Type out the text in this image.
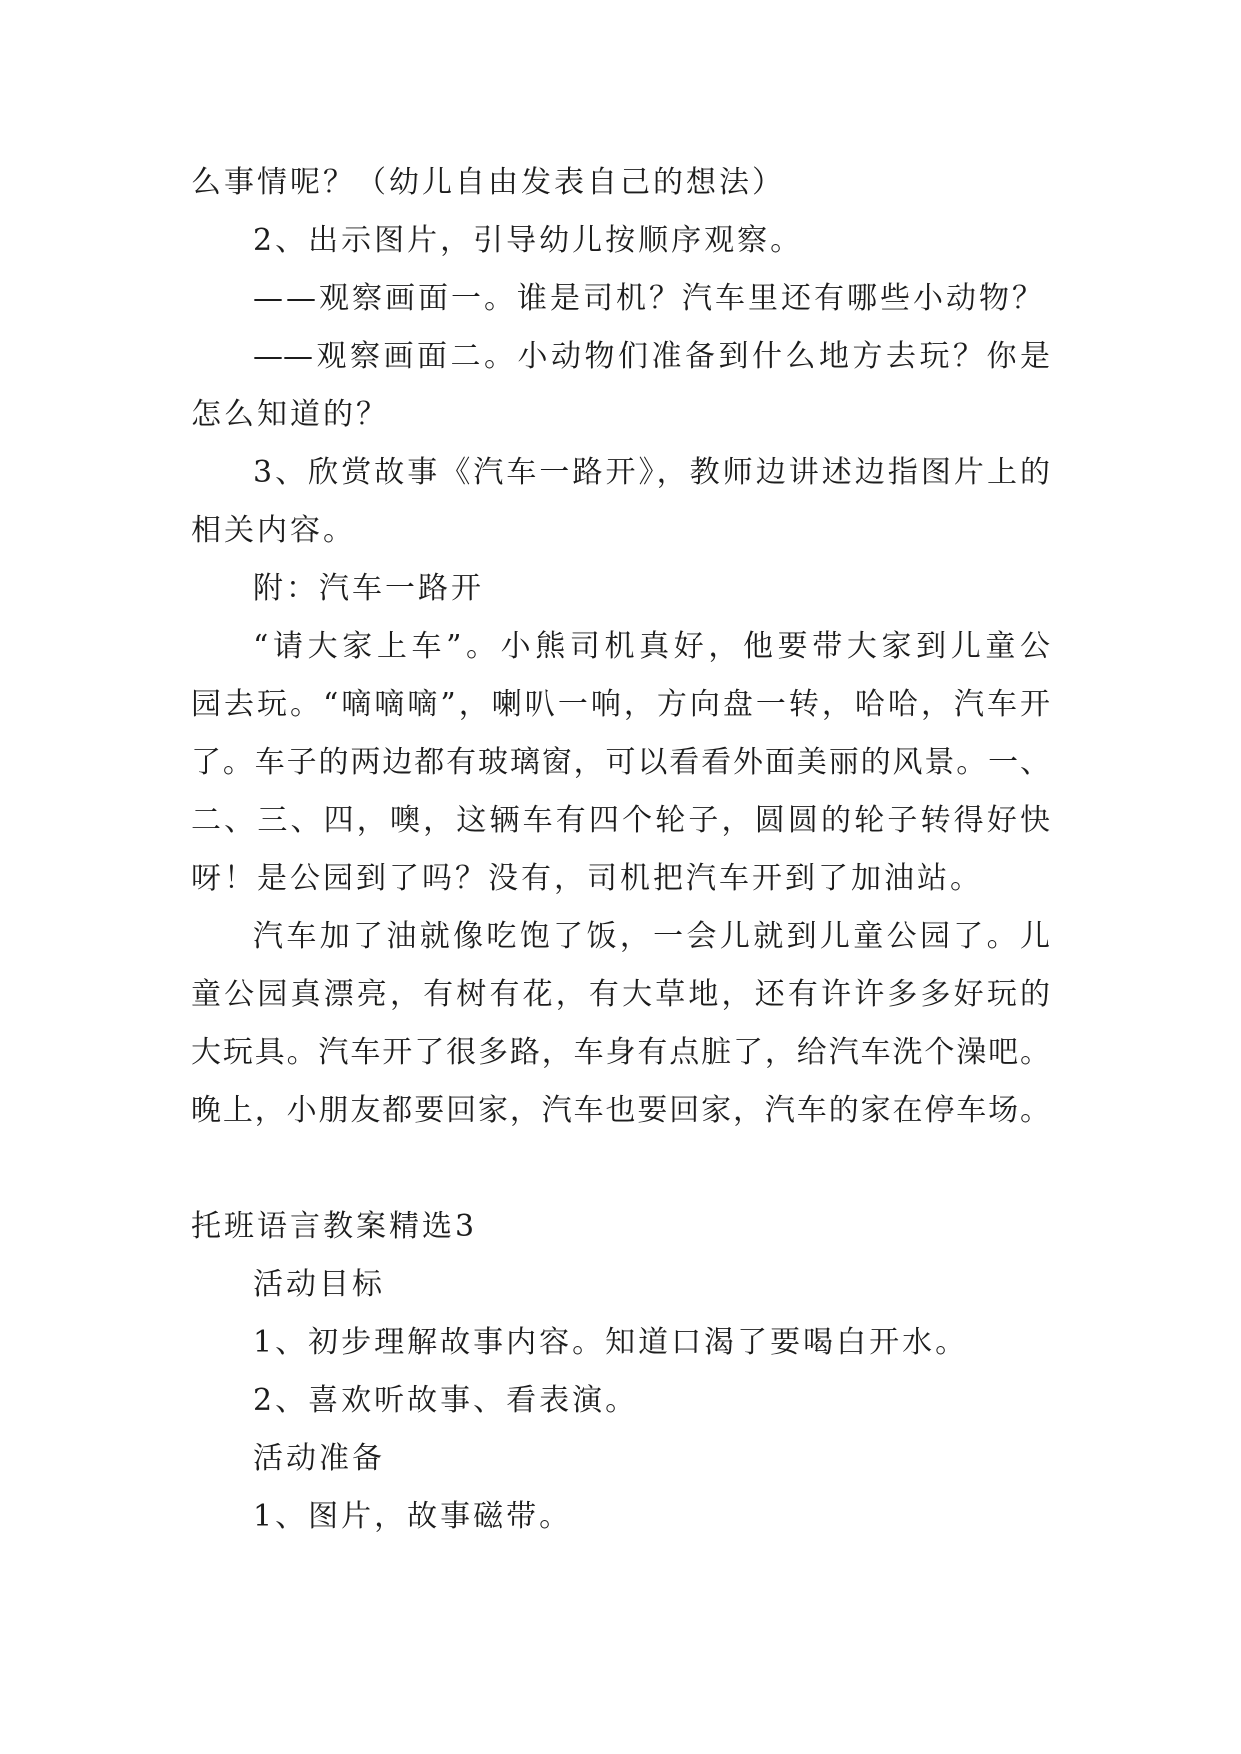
么事情呢？（幼儿自由发表自己的想法）
2、出示图片，引导幼儿按顺序观察。
——观察画面一。谁是司机？汽车里还有哪些小动物？
——观察画面二。小动物们准备到什么地方去玩？你是
怎么知道的？
3、欣赏故事《汽车一路开》，教师边讲述边指图片上的
相关内容。
附：汽车一路开
“请大家上车”。小熊司机真好，他要带大家到儿童公
园去玩。“嘀嘀嘀”，喇叭一响，方向盘一转，哈哈，汽车开
了。车子的两边都有玻璃窗，可以看看外面美丽的风景。一、
二、三、四，噢，这辆车有四个轮子，圆圆的轮子转得好快
呀！是公园到了吗？没有，司机把汽车开到了加油站。
汽车加了油就像吃饱了饭，一会儿就到儿童公园了。儿
童公园真漂亮，有树有花，有大草地，还有许许多多好玩的
大玩具。汽车开了很多路，车身有点脏了，给汽车洗个澡吧。
晚上，小朋友都要回家，汽车也要回家，汽车的家在停车场。
托班语言教案精选3
活动目标
1、初步理解故事内容。知道口渴了要喝白开水。
2、喜欢听故事、看表演。
活动准备
1、图片，故事磁带。
